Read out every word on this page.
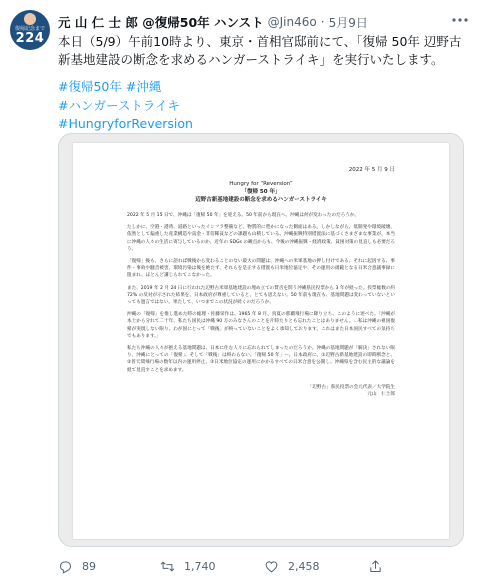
復帰記念まで
224
元 山 仁 士 郎 @復帰50年 ハンスト @Jin46o · 5月9日
本日（5/9）午前10時より、東京・首相官邸前にて、「復帰 50年 辺野古新基地建設の断念を求めるハンガーストライキ」を実行いたします。
#復帰50年 #沖縄
#ハンガーストライキ
#HungryforReversion
2022 年 5 月 9 日
Hungry for “Reversion”
「復帰 50 年」
辺野古新基地建設の断念を求めるハンガーストライキ
2022 年 5 月 15 日で、沖縄は「復帰 50 年」を迎える。50 年前から現在へ、沖縄は何が変わったのだろうか。
たしかに、空港・港湾、道路といったインフラ整備など、物質的に豊かになった側面はある。しかしながら、低開発や環境破壊、依然として偏重した産業構造や貧金・非倍稀貧などの課題も山積している。沖縄振興特別措置法に基づくさまざまな事業が、本当に沖縄の人々の生活に寄与しているのか、近年の SDGs の観点からも、今後の沖縄振興・経済政策、貧困対策の見直しも必要だろう。
「復帰」後も、さらに語れば戦後から変わることのない最大の問題は、沖縄への米軍基地の押し付けである。それに起因する、事件・事故や騒音被害、環境汚染は後を絶たず、それらを是正する措置も日米地位協定や、その運用の規範となる日米合意議事録に阻まれ、ほとんど講じられてこなかった。
また、2019 年 2 月 24 日に行われた辺野古米軍基地建設の埋め立ての賛否を問う沖縄県民投票から 3 年が経った。投票総数の約 72% の反対が示された結果を、日本政府が尊重していると、とても思えない。50 年前も現在も、基地問題は変わっていないといっても過言ではない。果たして、いつまでこの状況が続くのだろうか。
沖縄の「復帰」を推し進めた時の総理・佐藤栄作は、1965 年 8 月、真夏の那覇飛行場に降り立ち、このように述べた。「沖縄が本土から分れて二十年、私たち国民は沖縄 90 万のみなさんのことを片時たりとも忘れたことはありません。…私は沖縄の祖国復帰が実現しない限り、わが国にとって「戦後」が終っていないことをよく承知しております。これはまた日本国民すべての気持ちでもあります。」
私たち沖縄の人々が抱える基地問題は、日本に住む人々に忘れられてしまったのだろうか。沖縄の基地問題が「解決」されない限り、沖縄にとっての「復帰」、そして「戦後」は終わらない。「復帰 50 年」ー。日本政府に、①辺野古新基地建設の即時断念と、②普天間飛行場の数年以内の運用停止、③日米地位協定の運用にかかるすべての日米合意を公開し、沖縄県を含む民主的な議論を経て見直すことを求めます。
「辺野古」県民投票の会元代表／大学院生
元山　仁士郎
89	1,740	2,458
